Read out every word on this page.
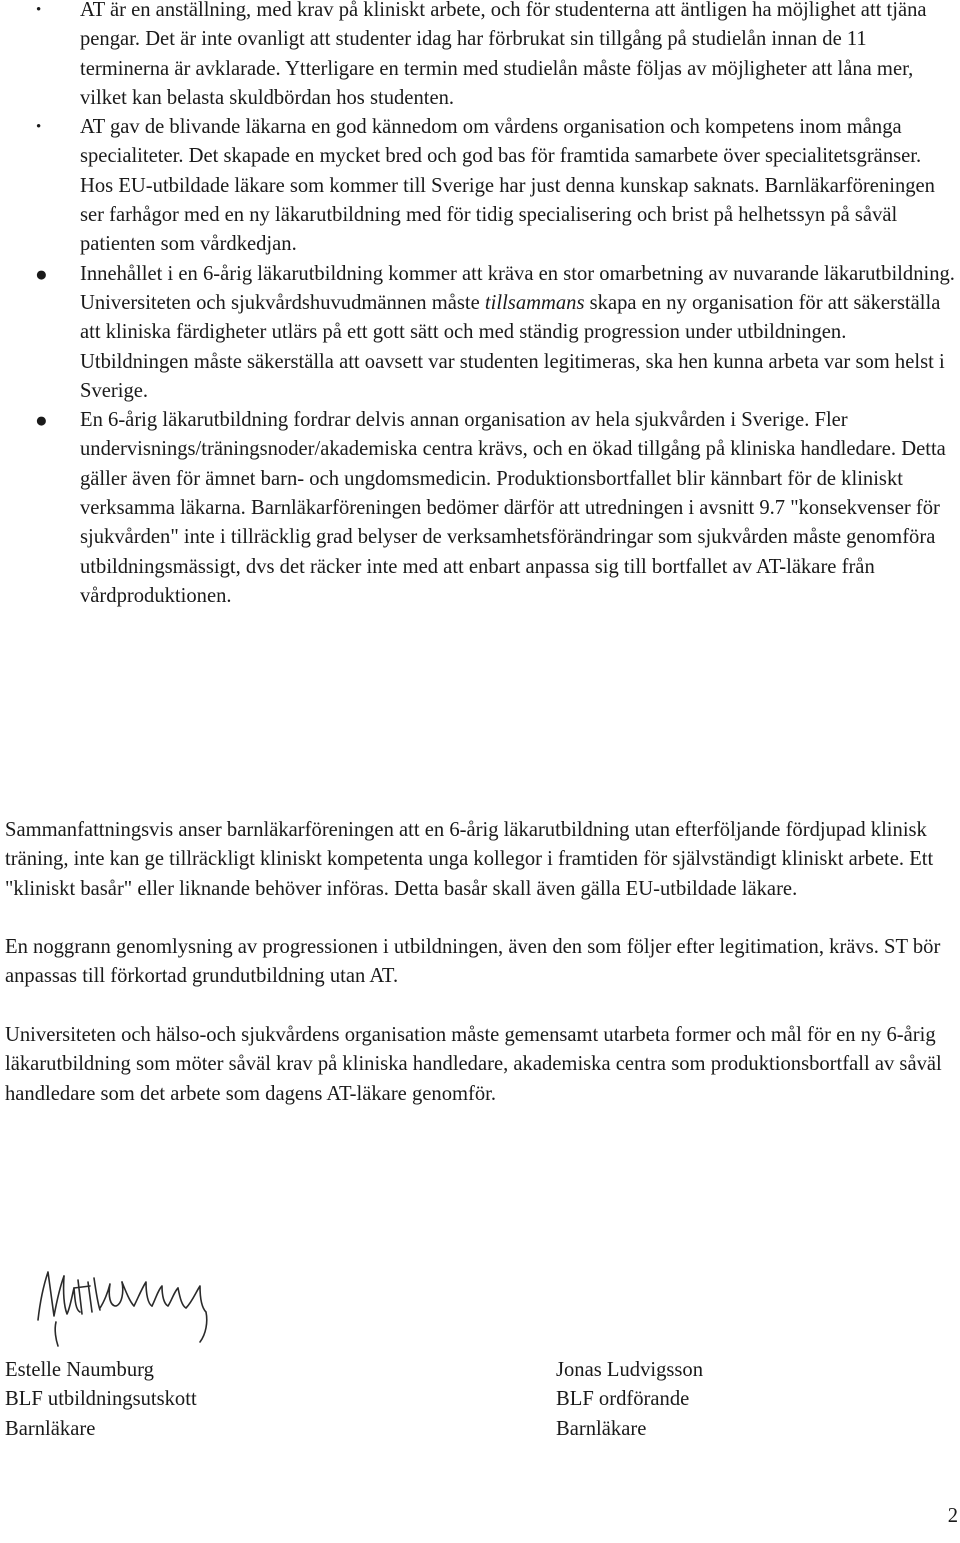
• AT är en anställning, med krav på kliniskt arbete, och för studenterna att äntligen ha möjlighet att tjäna pengar. Det är inte ovanligt att studenter idag har förbrukat sin tillgång på studielån innan de 11 terminerna är avklarade. Ytterligare en termin med studielån måste följas av möjligheter att låna mer, vilket kan belasta skuldbördan hos studenten.
• AT gav de blivande läkarna en god kännedom om vårdens organisation och kompetens inom många specialiteter. Det skapade en mycket bred och god bas för framtida samarbete över specialitetsgränser. Hos EU-utbildade läkare som kommer till Sverige har just denna kunskap saknats. Barnläkarföreningen ser farhågor med en ny läkarutbildning med för tidig specialisering och brist på helhetssyn på såväl patienten som vårdkedjan.
● Innehållet i en 6-årig läkarutbildning kommer att kräva en stor omarbetning av nuvarande läkarutbildning. Universiteten och sjukvårdshuvudmännen måste tillsammans skapa en ny organisation för att säkerställa att kliniska färdigheter utlärs på ett gott sätt och med ständig progression under utbildningen. Utbildningen måste säkerställa att oavsett var studenten legitimeras, ska hen kunna arbeta var som helst i Sverige.
● En 6-årig läkarutbildning fordrar delvis annan organisation av hela sjukvården i Sverige. Fler undervisnings/träningsnoder/akademiska centra krävs, och en ökad tillgång på kliniska handledare. Detta gäller även för ämnet barn- och ungdomsmedicin. Produktionsbortfallet blir kännbart för de kliniskt verksamma läkarna. Barnläkarföreningen bedömer därför att utredningen i avsnitt 9.7 "konsekvenser för sjukvården" inte i tillräcklig grad belyser de verksamhetsförändringar som sjukvården måste genomföra utbildningsmässigt, dvs det räcker inte med att enbart anpassa sig till bortfallet av AT-läkare från vårdproduktionen.

Sammanfattningsvis anser barnläkarföreningen att en 6-årig läkarutbildning utan efterföljande fördjupad klinisk träning, inte kan ge tillräckligt kliniskt kompetenta unga kollegor i framtiden för självständigt kliniskt arbete. Ett "kliniskt basår" eller liknande behöver införas. Detta basår skall även gälla EU-utbildade läkare.

En noggrann genomlysning av progressionen i utbildningen, även den som följer efter legitimation, krävs. ST bör anpassas till förkortad grundutbildning utan AT.

Universiteten och hälso-och sjukvårdens organisation måste gemensamt utarbeta former och mål för en ny 6-årig läkarutbildning som möter såväl krav på kliniska handledare, akademiska centra som produktionsbortfall av såväl handledare som det arbete som dagens AT-läkare genomför.

Estelle Naumburg
BLF utbildningsutskott
Barnläkare
Jonas Ludvigsson
BLF ordförande
Barnläkare
2
